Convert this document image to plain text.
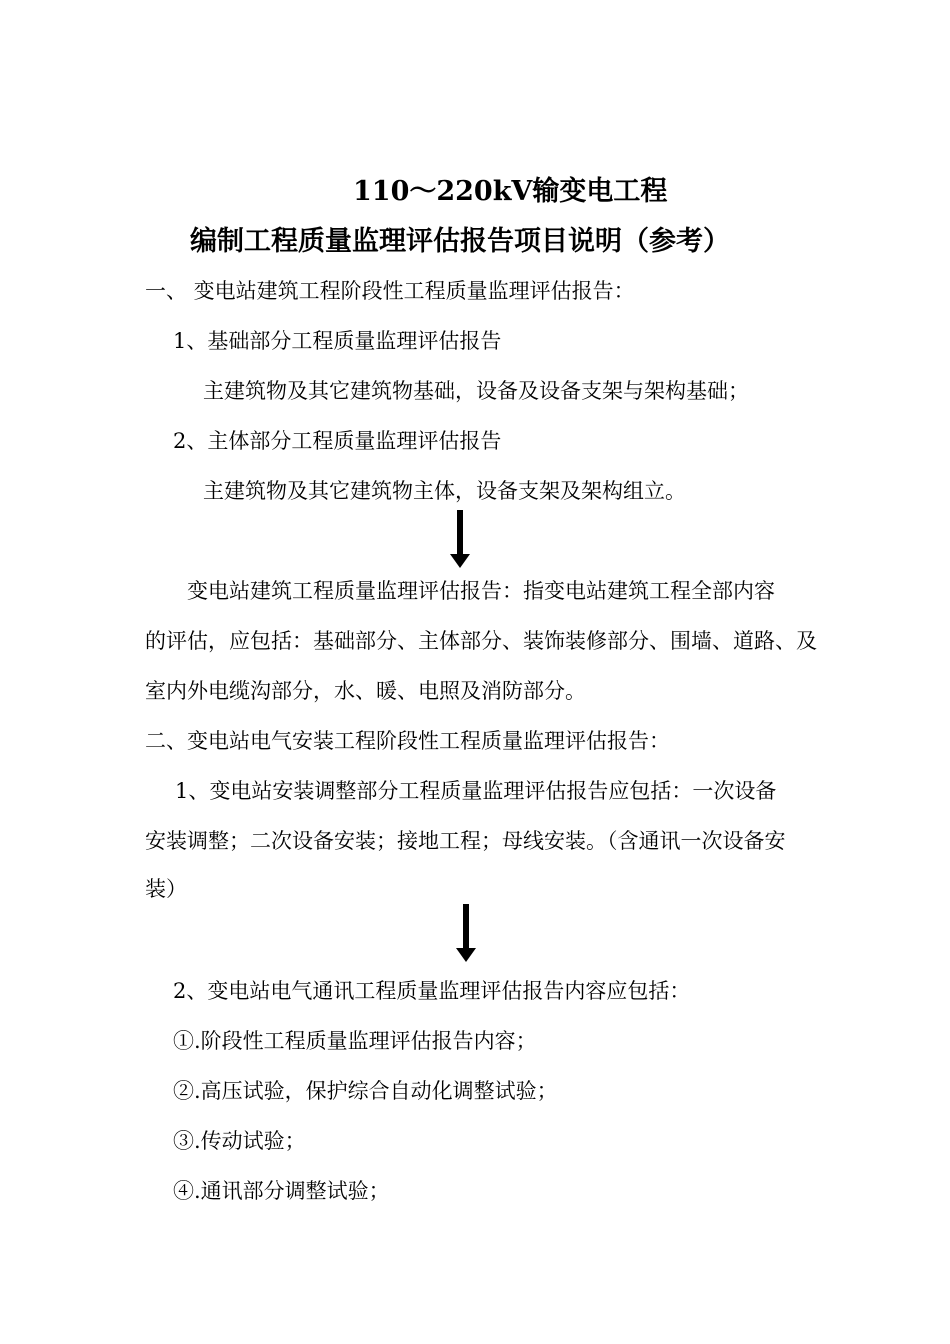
110～220kV输变电工程
编制工程质量监理评估报告项目说明（参考）
一、 变电站建筑工程阶段性工程质量监理评估报告：
1、基础部分工程质量监理评估报告
主建筑物及其它建筑物基础，设备及设备支架与架构基础；
2、主体部分工程质量监理评估报告
主建筑物及其它建筑物主体，设备支架及架构组立。
变电站建筑工程质量监理评估报告：指变电站建筑工程全部内容
的评估，应包括：基础部分、主体部分、装饰装修部分、围墙、道路、及
室内外电缆沟部分，水、暖、电照及消防部分。
二、变电站电气安装工程阶段性工程质量监理评估报告：
1、变电站安装调整部分工程质量监理评估报告应包括：一次设备
安装调整；二次设备安装；接地工程；母线安装。（含通讯一次设备安
装）
2、变电站电气通讯工程质量监理评估报告内容应包括：
①.阶段性工程质量监理评估报告内容；
②.高压试验，保护综合自动化调整试验；
③.传动试验；
④.通讯部分调整试验；
